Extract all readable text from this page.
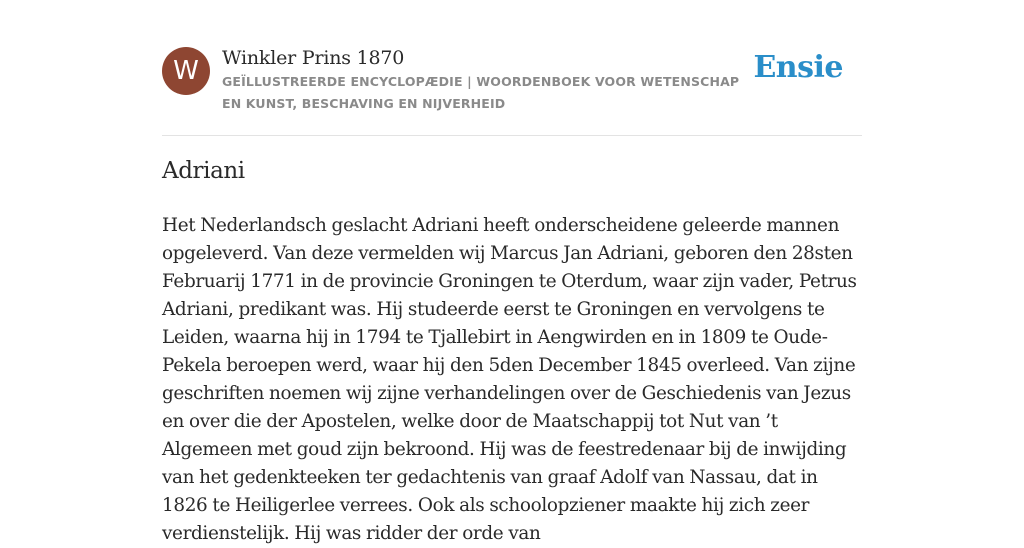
W	Winkler Prins 1870
GEÏLLUSTREERDE ENCYCLOPÆDIE | WOORDENBOEK VOOR WETENSCHAP EN KUNST, BESCHAVING EN NIJVERHEID
Ensie
Adriani

Het Nederlandsch geslacht Adriani heeft onderscheidene geleerde mannen opgeleverd. Van deze vermelden wij Marcus Jan Adriani, geboren den 28sten Februarij 1771 in de provincie Groningen te Oterdum, waar zijn vader, Petrus Adriani, predikant was. Hij studeerde eerst te Groningen en vervolgens te Leiden, waarna hij in 1794 te Tjallebirt in Aengwirden en in 1809 te Oude-Pekela beroepen werd, waar hij den 5den December 1845 overleed. Van zijne geschriften noemen wij zijne verhandelingen over de Geschiedenis van Jezus en over die der Apostelen, welke door de Maatschappij tot Nut van ’t Algemeen met goud zijn bekroond. Hij was de feestredenaar bij de inwijding van het gedenkteeken ter gedachtenis van graaf Adolf van Nassau, dat in 1826 te Heiligerlee verrees. Ook als schoolopziener maakte hij zich zeer verdienstelijk. Hij was ridder der orde van
